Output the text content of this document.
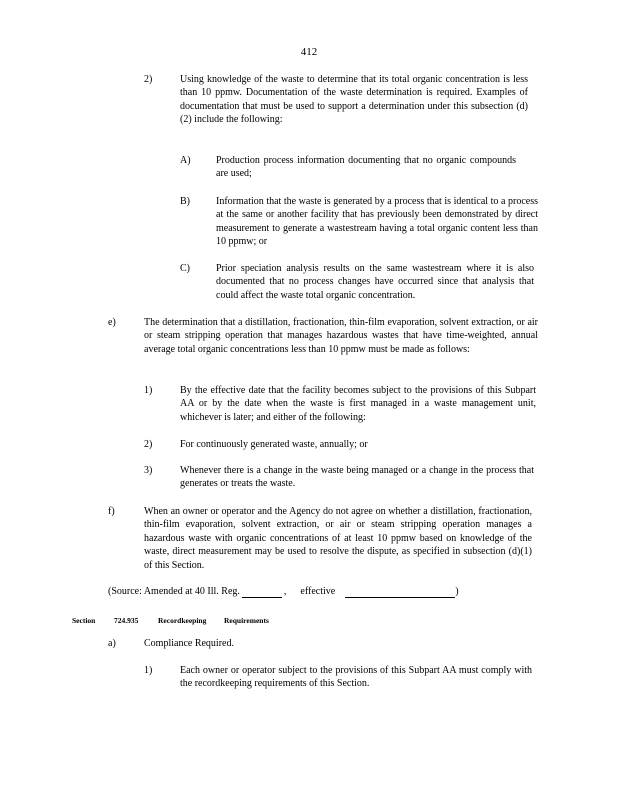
412
2)	Using knowledge of the waste to determine that its total organic concentration is less than 10 ppmw. Documentation of the waste determination is required. Examples of documentation that must be used to support a determination under this subsection (d)(2) include the following:
A)	Production process information documenting that no organic compounds are used;
B)	Information that the waste is generated by a process that is identical to a process at the same or another facility that has previously been demonstrated by direct measurement to generate a wastestream having a total organic content less than 10 ppmw; or
C)	Prior speciation analysis results on the same wastestream where it is also documented that no process changes have occurred since that analysis that could affect the waste total organic concentration.
e)	The determination that a distillation, fractionation, thin-film evaporation, solvent extraction, or air or steam stripping operation that manages hazardous wastes that have time-weighted, annual average total organic concentrations less than 10 ppmw must be made as follows:
1)	By the effective date that the facility becomes subject to the provisions of this Subpart AA or by the date when the waste is first managed in a waste management unit, whichever is later; and either of the following:
2)	For continuously generated waste, annually; or
3)	Whenever there is a change in the waste being managed or a change in the process that generates or treats the waste.
f)	When an owner or operator and the Agency do not agree on whether a distillation, fractionation, thin-film evaporation, solvent extraction, or air or steam stripping operation manages a hazardous waste with organic concentrations of at least 10 ppmw based on knowledge of the waste, direct measurement may be used to resolve the dispute, as specified in subsection (d)(1) of this Section.
(Source: Amended at 40 Ill. Reg.	, effective	)
Section 724.935	Recordkeeping Requirements
a)	Compliance Required.
1)	Each owner or operator subject to the provisions of this Subpart AA must comply with the recordkeeping requirements of this Section.
